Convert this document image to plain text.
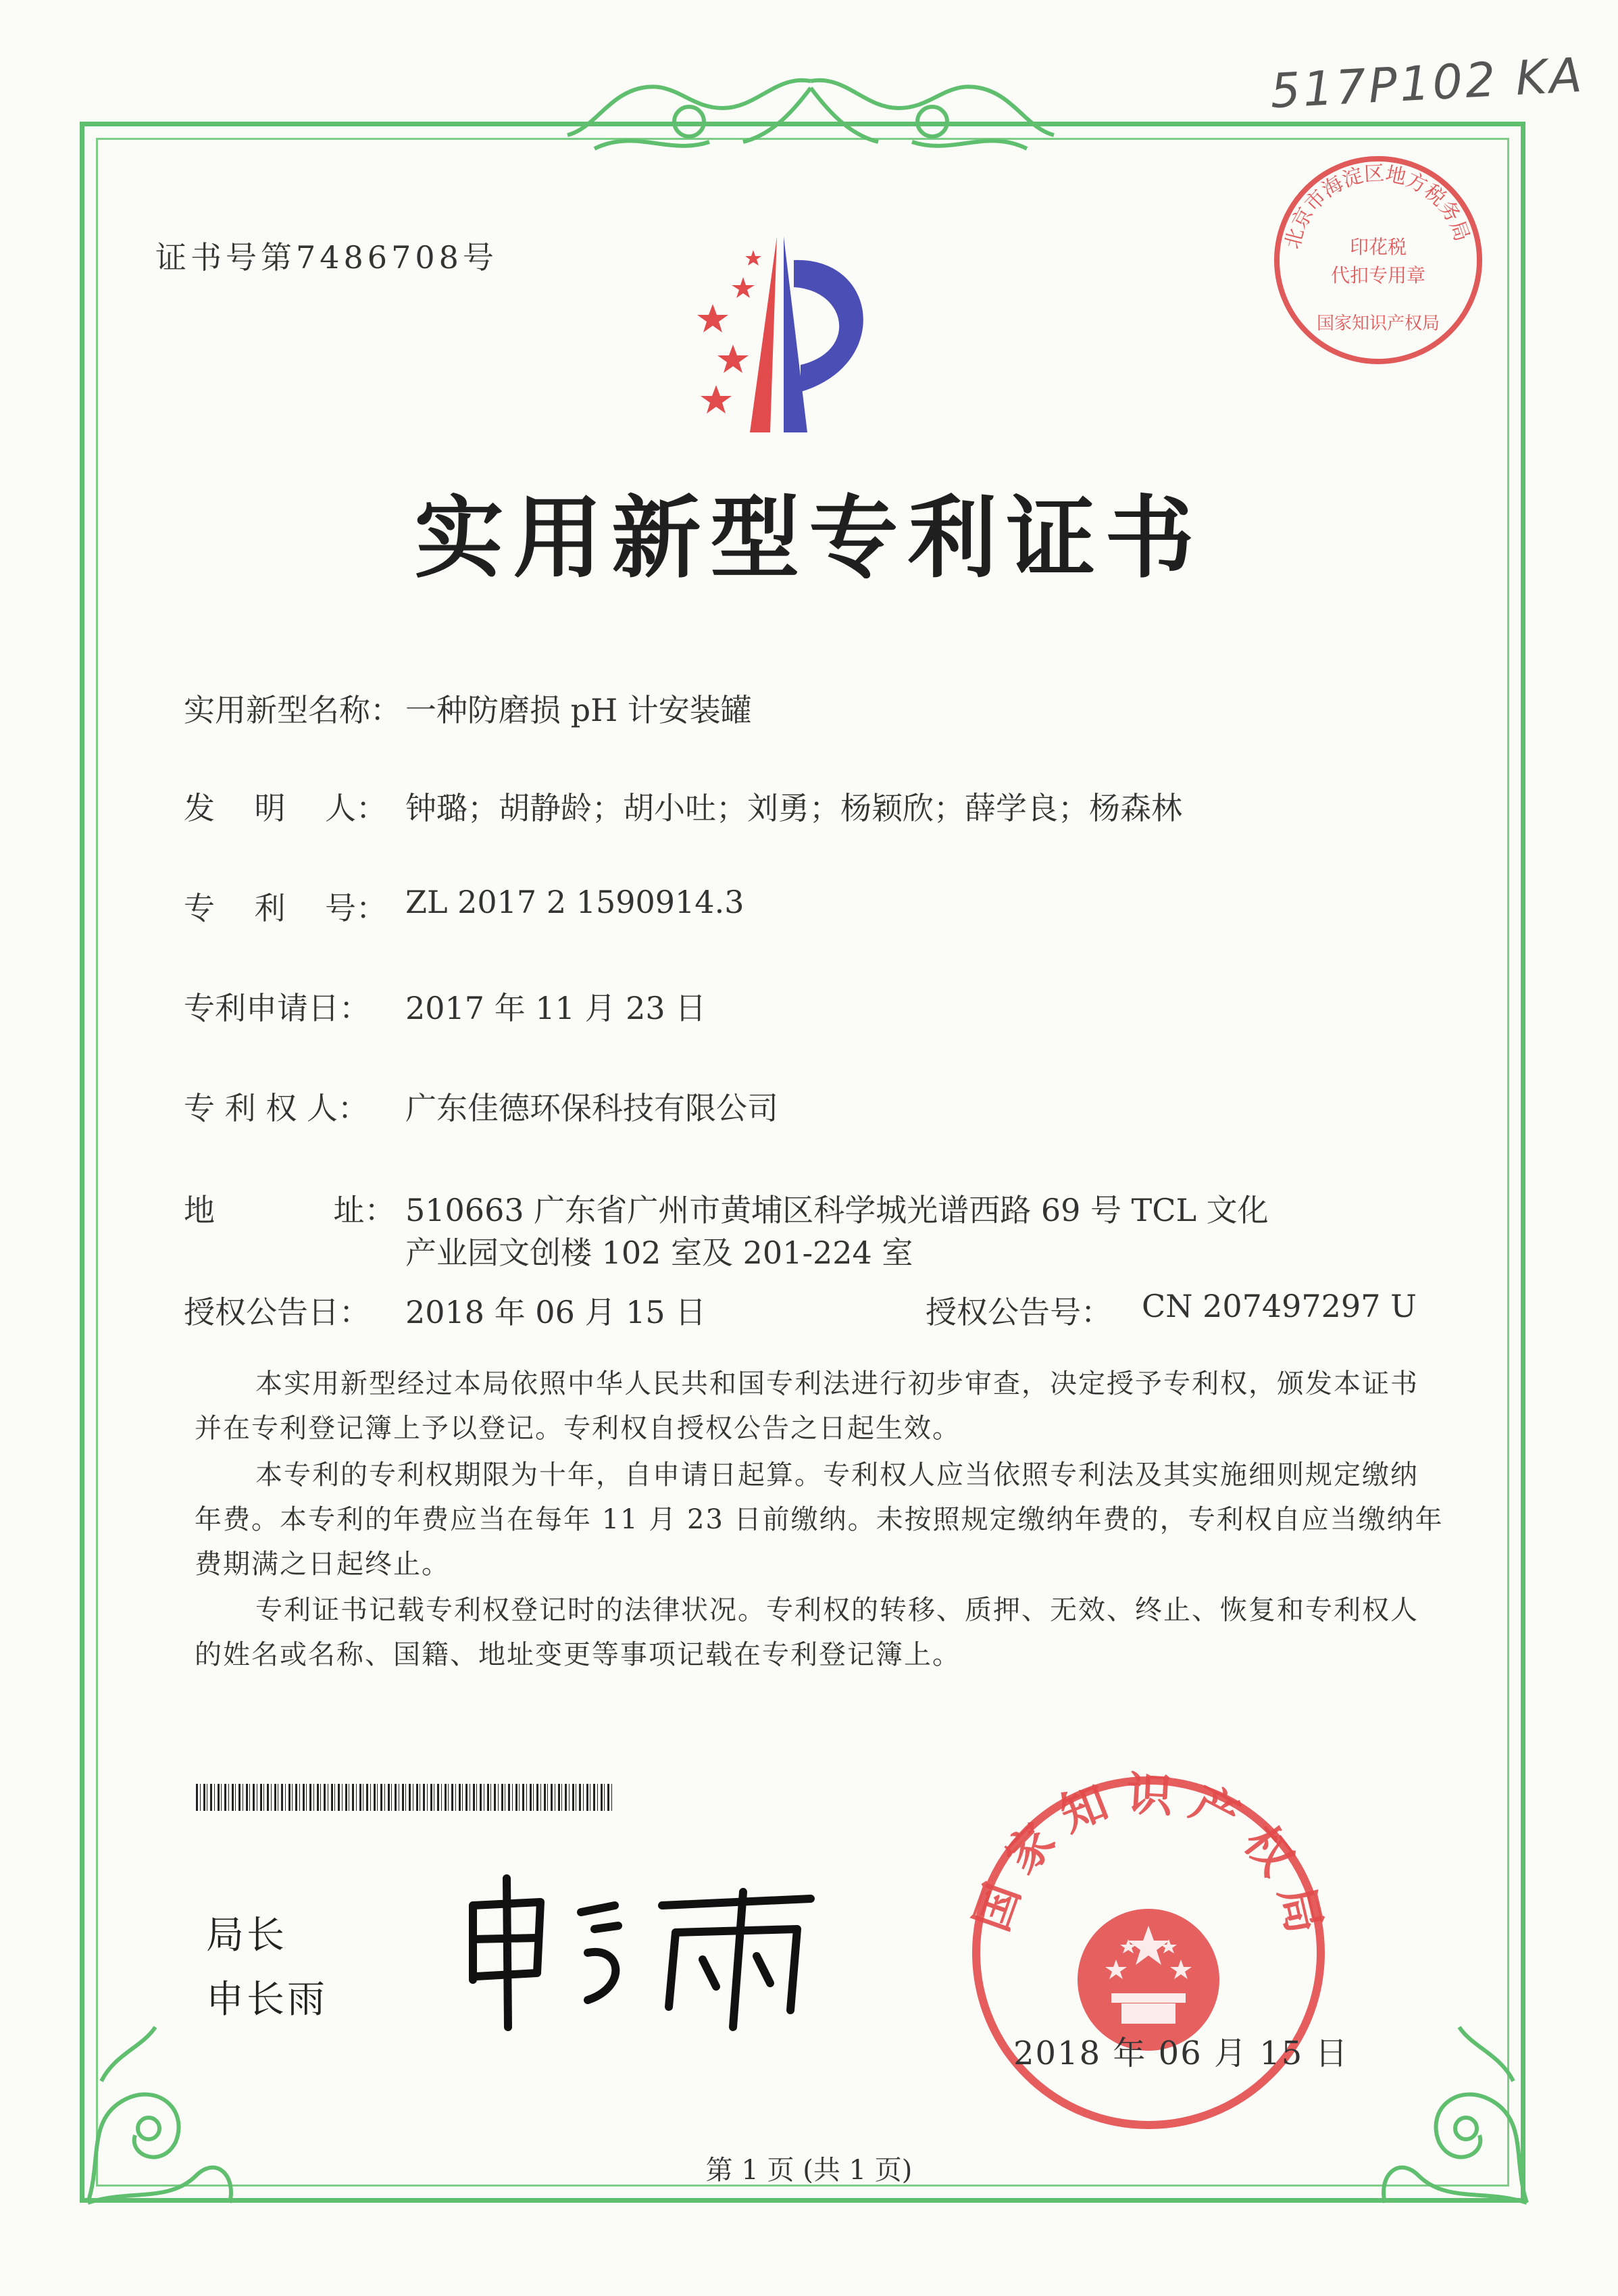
517P102 KA
北京市海淀区地方税务局
印花税
代扣专用章
国家知识产权局
证书号第7486708号
实用新型专利证书
实用新型名称： 一种防磨损 pH 计安装罐
发    明    人： 钟璐；胡静龄；胡小吐；刘勇；杨颖欣；薛学良；杨森林
专    利    号： ZL 2017 2 1590914.3
专利申请日： 2017 年 11 月 23 日
专 利 权 人： 广东佳德环保科技有限公司
地            址： 510663 广东省广州市黄埔区科学城光谱西路 69 号 TCL 文化
产业园文创楼 102 室及 201-224 室
授权公告日： 2018 年 06 月 15 日	授权公告号： CN 207497297 U
本实用新型经过本局依照中华人民共和国专利法进行初步审查，决定授予专利权，颁发本证书并在专利登记簿上予以登记。专利权自授权公告之日起生效。
本专利的专利权期限为十年，自申请日起算。专利权人应当依照专利法及其实施细则规定缴纳年费。本专利的年费应当在每年 11 月 23 日前缴纳。未按照规定缴纳年费的，专利权自应当缴纳年费期满之日起终止。
专利证书记载专利权登记时的法律状况。专利权的转移、质押、无效、终止、恢复和专利权人的姓名或名称、国籍、地址变更等事项记载在专利登记簿上。
局长
申长雨
国家知识产权局
2018 年 06 月 15 日
第 1 页 (共 1 页)
